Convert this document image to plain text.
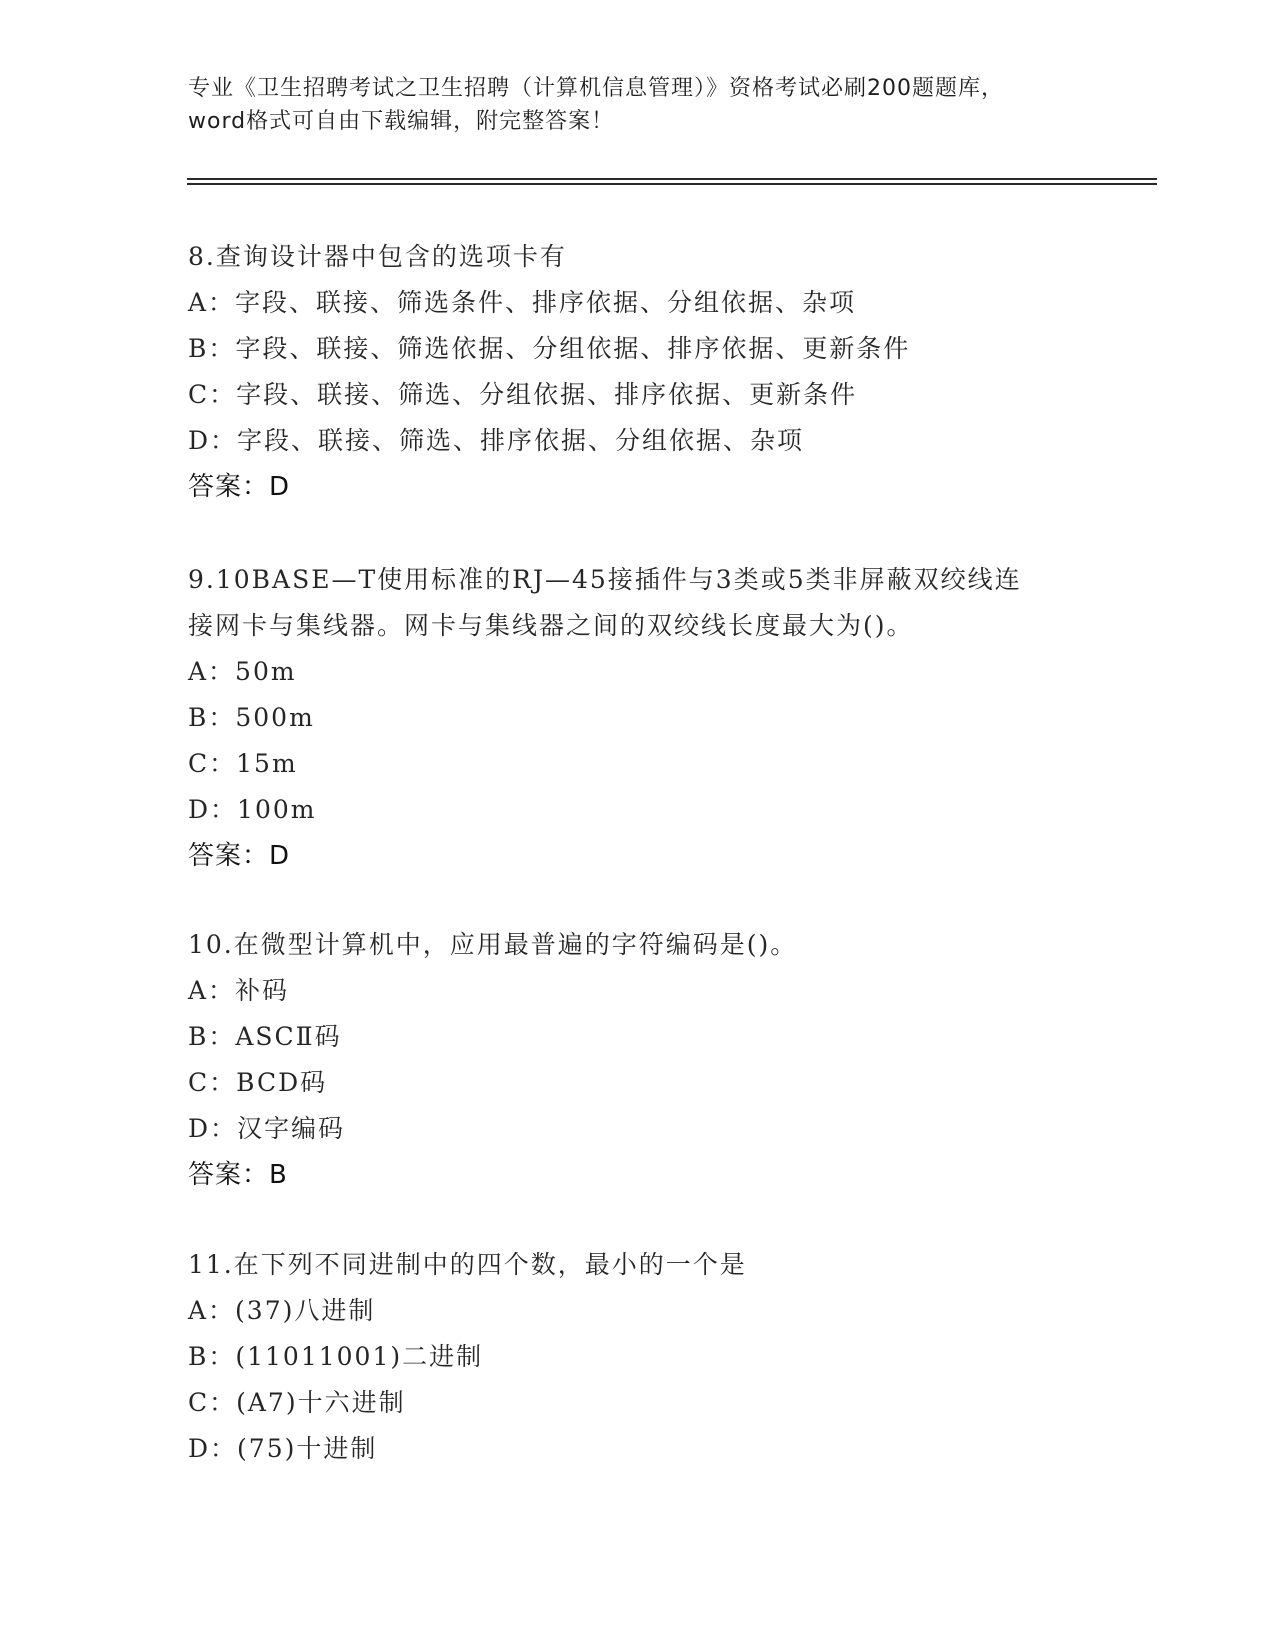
专业《卫生招聘考试之卫生招聘（计算机信息管理）》资格考试必刷200题题库，
word格式可自由下载编辑，附完整答案！
8.查询设计器中包含的选项卡有
A：字段、联接、筛选条件、排序依据、分组依据、杂项
B：字段、联接、筛选依据、分组依据、排序依据、更新条件
C：字段、联接、筛选、分组依据、排序依据、更新条件
D：字段、联接、筛选、排序依据、分组依据、杂项
答案：D
9.10BASE—T使用标准的RJ—45接插件与3类或5类非屏蔽双绞线连
接网卡与集线器。网卡与集线器之间的双绞线长度最大为()。
A：50m
B：500m
C：15m
D：100m
答案：D
10.在微型计算机中，应用最普遍的字符编码是()。
A：补码
B：ASCⅡ码
C：BCD码
D：汉字编码
答案：B
11.在下列不同进制中的四个数，最小的一个是
A：(37)八进制
B：(11011001)二进制
C：(A7)十六进制
D：(75)十进制
